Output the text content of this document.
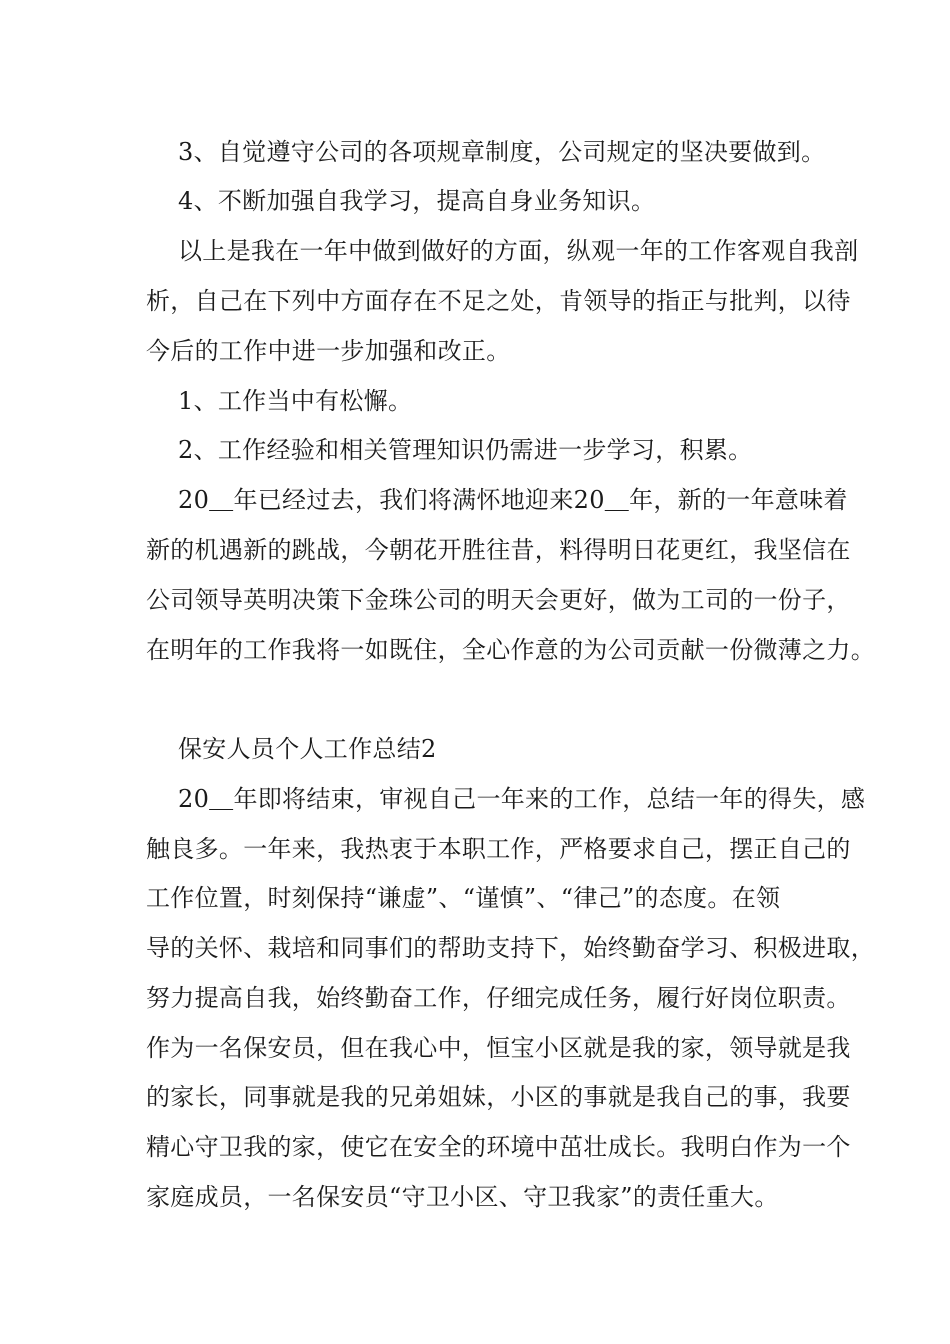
3、自觉遵守公司的各项规章制度，公司规定的坚决要做到。
4、不断加强自我学习，提高自身业务知识。
以上是我在一年中做到做好的方面，纵观一年的工作客观自我剖
析，自己在下列中方面存在不足之处，肯领导的指正与批判，以待
今后的工作中进一步加强和改正。
1、工作当中有松懈。
2、工作经验和相关管理知识仍需进一步学习，积累。
20＿年已经过去，我们将满怀地迎来20＿年，新的一年意味着
新的机遇新的跳战，今朝花开胜往昔，料得明日花更红，我坚信在
公司领导英明决策下金珠公司的明天会更好，做为工司的一份子，
在明年的工作我将一如既住，全心作意的为公司贡献一份微薄之力。
保安人员个人工作总结2
20＿年即将结束，审视自己一年来的工作，总结一年的得失，感
触良多。一年来，我热衷于本职工作，严格要求自己，摆正自己的
工作位置，时刻保持“谦虚”、“谨慎”、“律己”的态度。在领
导的关怀、栽培和同事们的帮助支持下，始终勤奋学习、积极进取，
努力提高自我，始终勤奋工作，仔细完成任务，履行好岗位职责。
作为一名保安员，但在我心中，恒宝小区就是我的家，领导就是我
的家长，同事就是我的兄弟姐妹，小区的事就是我自己的事，我要
精心守卫我的家，使它在安全的环境中茁壮成长。我明白作为一个
家庭成员，一名保安员“守卫小区、守卫我家”的责任重大。
